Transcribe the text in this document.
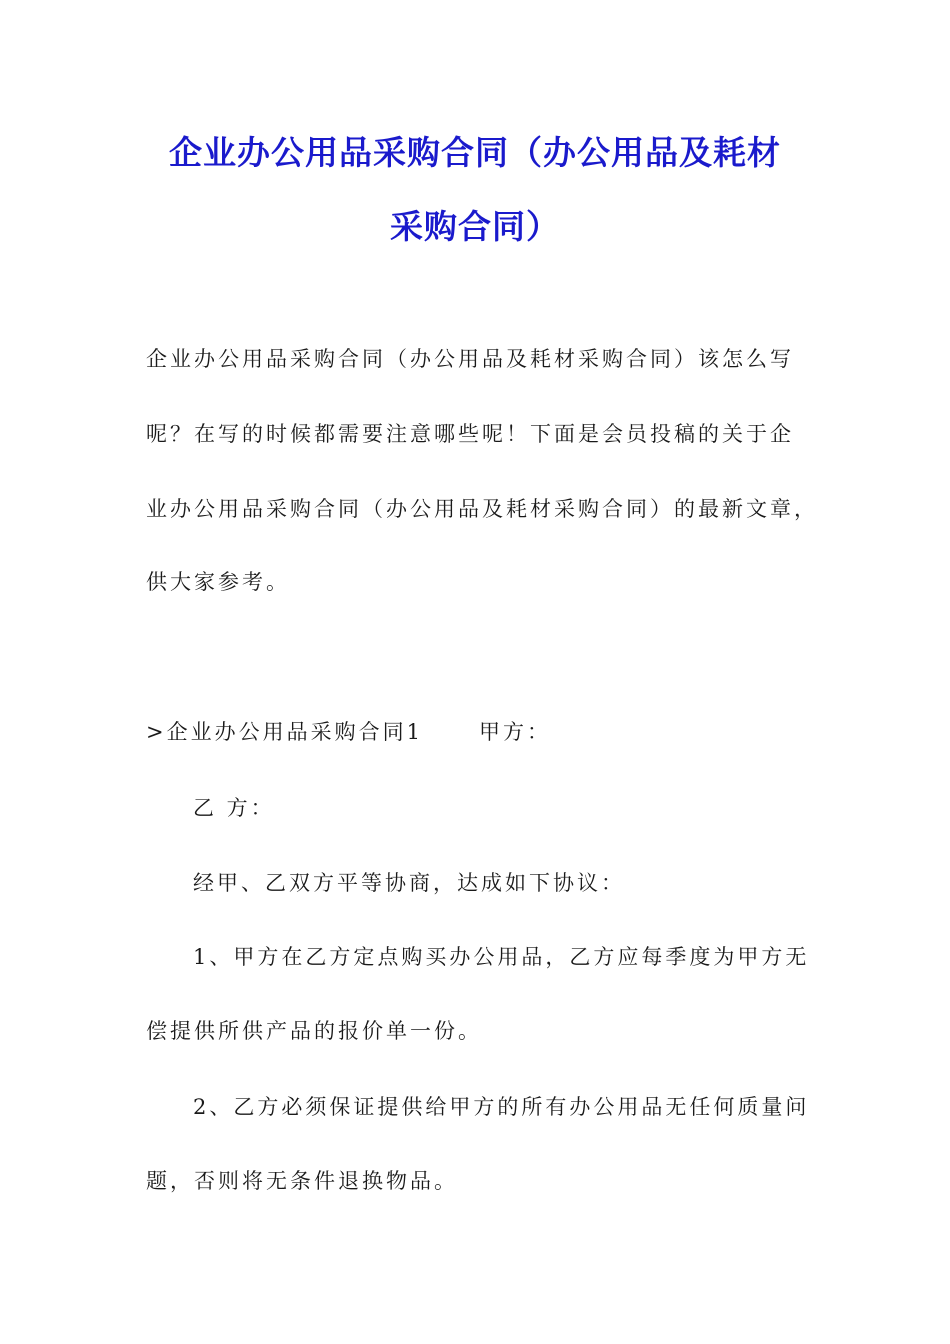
企业办公用品采购合同（办公用品及耗材
采购合同）
企业办公用品采购合同（办公用品及耗材采购合同）该怎么写
呢？在写的时候都需要注意哪些呢！下面是会员投稿的关于企
业办公用品采购合同（办公用品及耗材采购合同）的最新文章，
供大家参考。
>企业办公用品采购合同1	甲方：
乙 方：
经甲、乙双方平等协商，达成如下协议：
1、甲方在乙方定点购买办公用品，乙方应每季度为甲方无
偿提供所供产品的报价单一份。
2、乙方必须保证提供给甲方的所有办公用品无任何质量问
题，否则将无条件退换物品。
